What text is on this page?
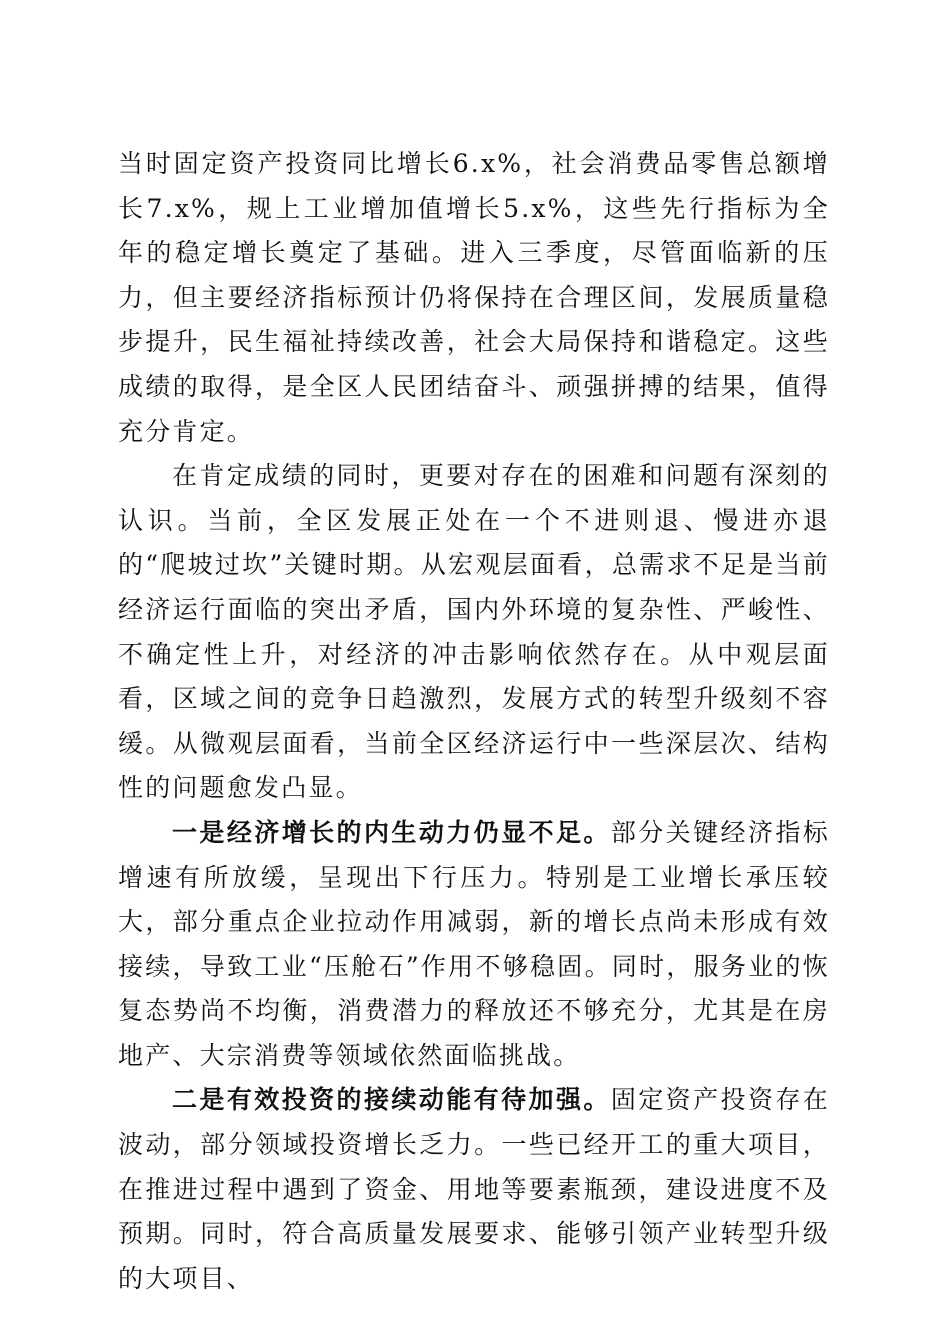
当时固定资产投资同比增长6.x%，社会消费品零售总额增长7.x%，规上工业增加值增长5.x%，这些先行指标为全年的稳定增长奠定了基础。进入三季度，尽管面临新的压力，但主要经济指标预计仍将保持在合理区间，发展质量稳步提升，民生福祉持续改善，社会大局保持和谐稳定。这些成绩的取得，是全区人民团结奋斗、顽强拼搏的结果，值得充分肯定。

在肯定成绩的同时，更要对存在的困难和问题有深刻的认识。当前，全区发展正处在一个不进则退、慢进亦退的“爬坡过坎”关键时期。从宏观层面看，总需求不足是当前经济运行面临的突出矛盾，国内外环境的复杂性、严峻性、不确定性上升，对经济的冲击影响依然存在。从中观层面看，区域之间的竞争日趋激烈，发展方式的转型升级刻不容缓。从微观层面看，当前全区经济运行中一些深层次、结构性的问题愈发凸显。

一是经济增长的内生动力仍显不足。部分关键经济指标增速有所放缓，呈现出下行压力。特别是工业增长承压较大，部分重点企业拉动作用减弱，新的增长点尚未形成有效接续，导致工业“压舱石”作用不够稳固。同时，服务业的恢复态势尚不均衡，消费潜力的释放还不够充分，尤其是在房地产、大宗消费等领域依然面临挑战。

二是有效投资的接续动能有待加强。固定资产投资存在波动，部分领域投资增长乏力。一些已经开工的重大项目，在推进过程中遇到了资金、用地等要素瓶颈，建设进度不及预期。同时，符合高质量发展要求、能够引领产业转型升级的大项目、
